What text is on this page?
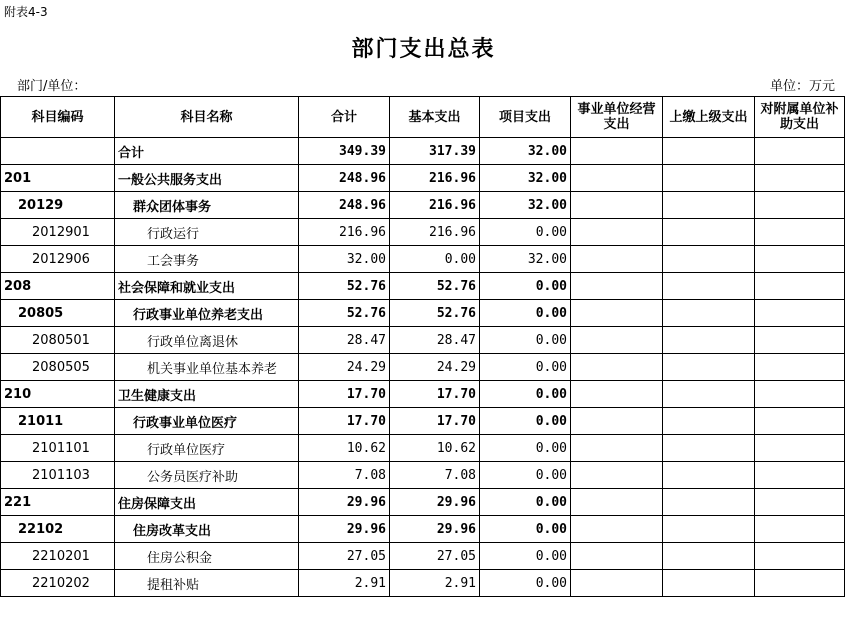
附表4-3
部门支出总表
部门/单位：	单位：万元
科目编码	科目名称	合计	基本支出	项目支出	事业单位经营支出	上缴上级支出	对附属单位补助支出
	合计	349.39	317.39	32.00			
201	一般公共服务支出	248.96	216.96	32.00			
20129	群众团体事务	248.96	216.96	32.00			
2012901	行政运行	216.96	216.96	0.00			
2012906	工会事务	32.00	0.00	32.00			
208	社会保障和就业支出	52.76	52.76	0.00			
20805	行政事业单位养老支出	52.76	52.76	0.00			
2080501	行政单位离退休	28.47	28.47	0.00			
2080505	机关事业单位基本养老	24.29	24.29	0.00			
210	卫生健康支出	17.70	17.70	0.00			
21011	行政事业单位医疗	17.70	17.70	0.00			
2101101	行政单位医疗	10.62	10.62	0.00			
2101103	公务员医疗补助	7.08	7.08	0.00			
221	住房保障支出	29.96	29.96	0.00			
22102	住房改革支出	29.96	29.96	0.00			
2210201	住房公积金	27.05	27.05	0.00			
2210202	提租补贴	2.91	2.91	0.00			
